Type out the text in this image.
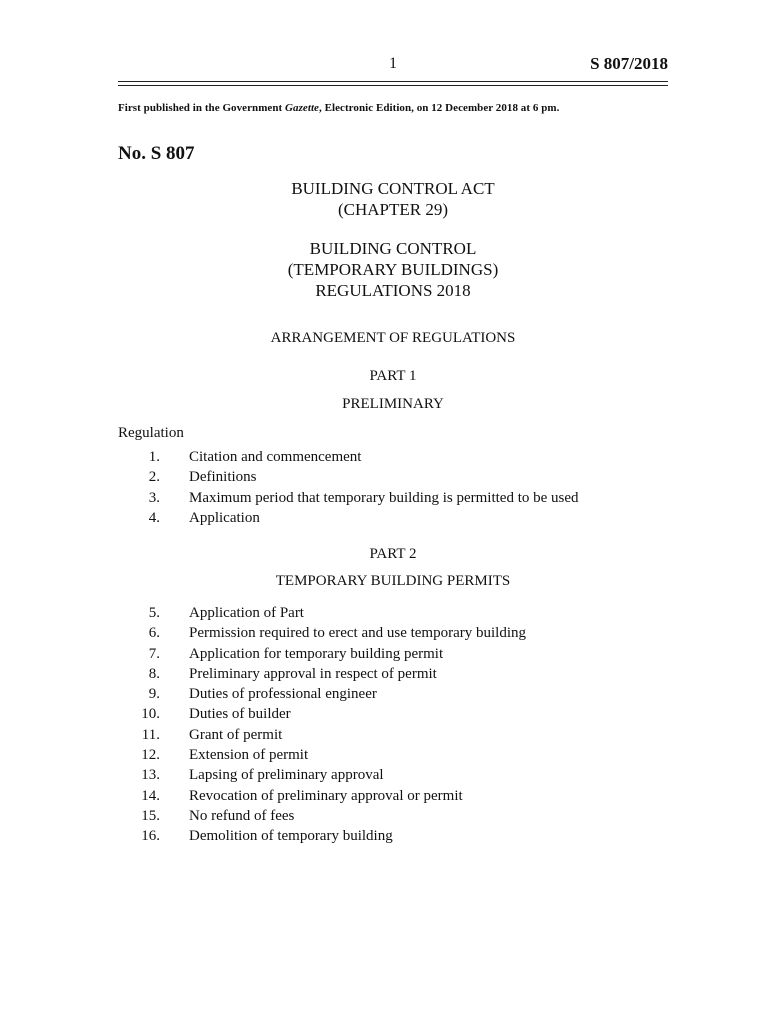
1	S 807/2018
First published in the Government Gazette, Electronic Edition, on 12 December 2018 at 6 pm.
No. S 807
BUILDING CONTROL ACT
(CHAPTER 29)
BUILDING CONTROL
(TEMPORARY BUILDINGS)
REGULATIONS 2018
ARRANGEMENT OF REGULATIONS
PART 1
PRELIMINARY
Regulation
1. Citation and commencement
2. Definitions
3. Maximum period that temporary building is permitted to be used
4. Application
PART 2
TEMPORARY BUILDING PERMITS
5. Application of Part
6. Permission required to erect and use temporary building
7. Application for temporary building permit
8. Preliminary approval in respect of permit
9. Duties of professional engineer
10. Duties of builder
11. Grant of permit
12. Extension of permit
13. Lapsing of preliminary approval
14. Revocation of preliminary approval or permit
15. No refund of fees
16. Demolition of temporary building
